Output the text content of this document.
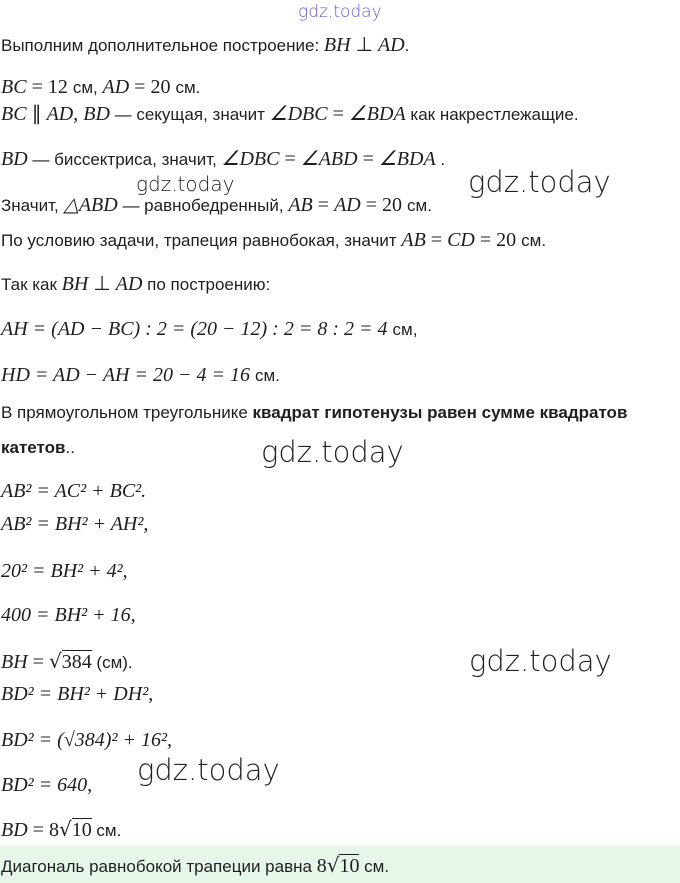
gdz.today
Выполним дополнительное построение: BH ⊥ AD.
BC = 12 см, AD = 20 см.
BC ∥ AD, BD — секущая, значит ∠DBC = ∠BDA как накрестлежащие.
BD — биссектриса, значит, ∠DBC = ∠ABD = ∠BDA .
Значит, △ABD — равнобедренный, AB = AD = 20 см.
По условию задачи, трапеция равнобокая, значит AB = CD = 20 см.
Так как BH ⊥ AD по построению:
AH = (AD − BC) : 2 = (20 − 12) : 2 = 8 : 2 = 4 см,
HD = AD − AH = 20 − 4 = 16 см.
В прямоугольном треугольнике квадрат гипотенузы равен сумме квадратов
катетов..
AB² = AC² + BC².
AB² = BH² + AH²,
20² = BH² + 4²,
400 = BH² + 16,
BH = √384 (см).
BD² = BH² + DH²,
BD² = (√384)² + 16²,
BD² = 640,
BD = 8√10 см.
Диагональ равнобокой трапеции равна 8√10 см.
gdz.today	gdz.today
gdz.today
gdz.today
gdz.today
